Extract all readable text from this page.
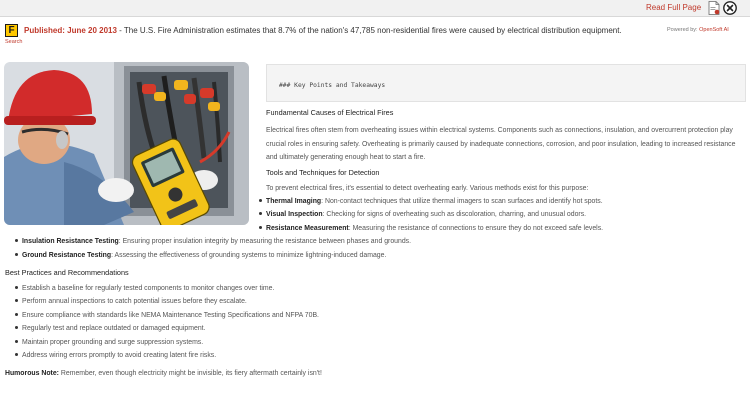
Read Full Page
F	Published: June 20 2013 - The U.S. Fire Administration estimates that 8.7% of the nation's 47,785 non-residential fires were caused by electrical distribution equipment.	Powered by: OpenSoft AI
Search
### Key Points and Takeaways
Fundamental Causes of Electrical Fires
Electrical fires often stem from overheating issues within electrical systems. Components such as connections, insulation, and overcurrent protection play crucial roles in ensuring safety. Overheating is primarily caused by inadequate connections, corrosion, and poor insulation, leading to increased resistance and ultimately generating enough heat to start a fire.
Tools and Techniques for Detection
To prevent electrical fires, it's essential to detect overheating early. Various methods exist for this purpose:
Thermal Imaging: Non-contact techniques that utilize thermal imagers to scan surfaces and identify hot spots.
Visual Inspection: Checking for signs of overheating such as discoloration, charring, and unusual odors.
Resistance Measurement: Measuring the resistance of connections to ensure they do not exceed safe levels.
Insulation Resistance Testing: Ensuring proper insulation integrity by measuring the resistance between phases and grounds.
Ground Resistance Testing: Assessing the effectiveness of grounding systems to minimize lightning-induced damage.
Best Practices and Recommendations
Establish a baseline for regularly tested components to monitor changes over time.
Perform annual inspections to catch potential issues before they escalate.
Ensure compliance with standards like NEMA Maintenance Testing Specifications and NFPA 70B.
Regularly test and replace outdated or damaged equipment.
Maintain proper grounding and surge suppression systems.
Address wiring errors promptly to avoid creating latent fire risks.
Humorous Note: Remember, even though electricity might be invisible, its fiery aftermath certainly isn't!
